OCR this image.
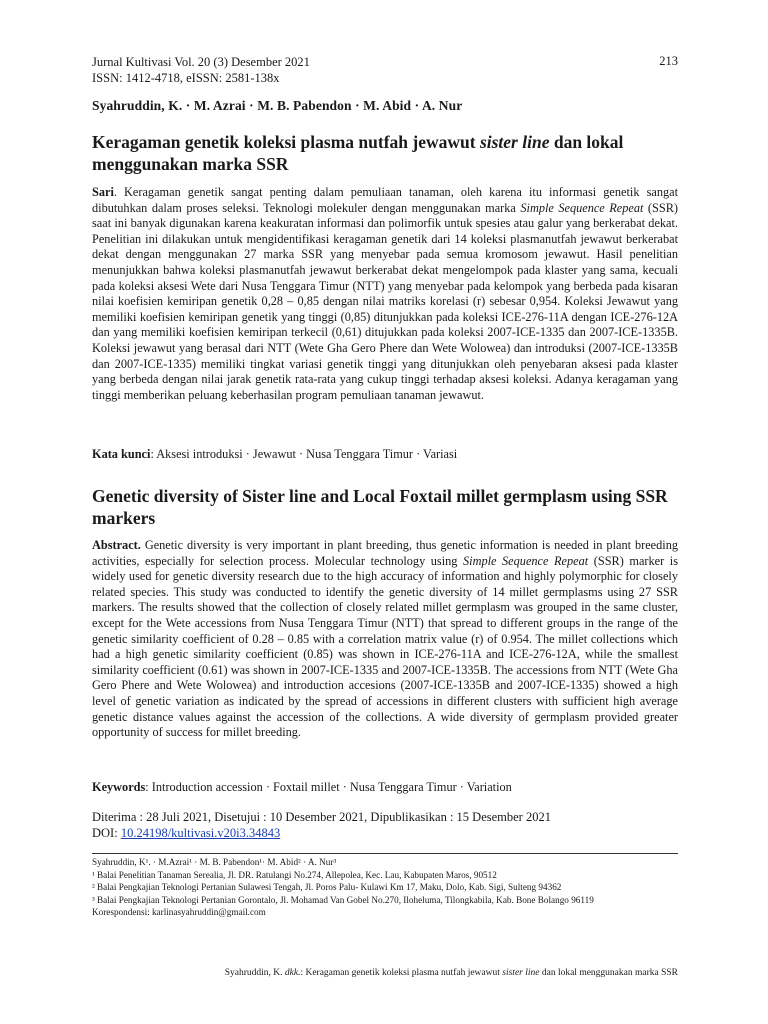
Jurnal Kultivasi Vol. 20 (3) Desember 2021
ISSN: 1412-4718, eISSN: 2581-138x
213
Syahruddin, K. · M. Azrai · M. B. Pabendon · M. Abid · A. Nur
Keragaman genetik koleksi plasma nutfah jewawut sister line dan lokal menggunakan marka SSR

Sari. Keragaman genetik sangat penting dalam pemuliaan tanaman, oleh karena itu informasi genetik sangat dibutuhkan dalam proses seleksi. Teknologi molekuler dengan menggunakan marka Simple Sequence Repeat (SSR) saat ini banyak digunakan karena keakuratan informasi dan polimorfik untuk spesies atau galur yang berkerabat dekat. Penelitian ini dilakukan untuk mengidentifikasi keragaman genetik dari 14 koleksi plasmanutfah jewawut berkerabat dekat dengan menggunakan 27 marka SSR yang menyebar pada semua kromosom jewawut. Hasil penelitian menunjukkan bahwa koleksi plasmanutfah jewawut berkerabat dekat mengelompok pada klaster yang sama, kecuali pada koleksi aksesi Wete dari Nusa Tenggara Timur (NTT) yang menyebar pada kelompok yang berbeda pada kisaran nilai koefisien kemiripan genetik 0,28 – 0,85 dengan nilai matriks korelasi (r) sebesar 0,954. Koleksi Jewawut yang memiliki koefisien kemiripan genetik yang tinggi (0,85) ditunjukkan pada koleksi ICE-276-11A dengan ICE-276-12A dan yang memiliki koefisien kemiripan terkecil (0,61) ditujukkan pada koleksi 2007-ICE-1335 dan 2007-ICE-1335B. Koleksi jewawut yang berasal dari NTT (Wete Gha Gero Phere dan Wete Wolowea) dan introduksi (2007-ICE-1335B dan 2007-ICE-1335) memiliki tingkat variasi genetik tinggi yang ditunjukkan oleh penyebaran aksesi pada klaster yang berbeda dengan nilai jarak genetik rata-rata yang cukup tinggi terhadap aksesi koleksi. Adanya keragaman yang tinggi memberikan peluang keberhasilan program pemuliaan tanaman jewawut.

Kata kunci: Aksesi introduksi · Jewawut · Nusa Tenggara Timur · Variasi
Genetic diversity of Sister line and Local Foxtail millet germplasm using SSR markers

Abstract. Genetic diversity is very important in plant breeding, thus genetic information is needed in plant breeding activities, especially for selection process. Molecular technology using Simple Sequence Repeat (SSR) marker is widely used for genetic diversity research due to the high accuracy of information and highly polymorphic for closely related species. This study was conducted to identify the genetic diversity of 14 millet germplasms using 27 SSR markers. The results showed that the collection of closely related millet germplasm was grouped in the same cluster, except for the Wete accessions from Nusa Tenggara Timur (NTT) that spread to different groups in the range of the genetic similarity coefficient of 0.28 – 0.85 with a correlation matrix value (r) of 0.954. The millet collections which had a high genetic similarity coefficient (0.85) was shown in ICE-276-11A and ICE-276-12A, while the smallest similarity coefficient (0.61) was shown in 2007-ICE-1335 and 2007-ICE-1335B. The accessions from NTT (Wete Gha Gero Phere and Wete Wolowea) and introduction accesions (2007-ICE-1335B and 2007-ICE-1335) showed a high level of genetic variation as indicated by the spread of accessions in different clusters with sufficient high average genetic distance values against the accession of the collections. A wide diversity of germplasm provided greater opportunity of success for millet breeding.

Keywords: Introduction accession · Foxtail millet · Nusa Tenggara Timur · Variation
Diterima : 28 Juli 2021, Disetujui : 10 Desember 2021, Dipublikasikan : 15 Desember 2021
DOI: 10.24198/kultivasi.v20i3.34843
Syahruddin, K¹. · M.Azrai¹ · M. B. Pabendon¹· M. Abid² · A. Nur³
¹ Balai Penelitian Tanaman Serealia, Jl. DR. Ratulangi No.274, Allepolea, Kec. Lau, Kabupaten Maros, 90512
² Balai Pengkajian Teknologi Pertanian Sulawesi Tengah, Jl. Poros Palu- Kulawi Km 17, Maku, Dolo, Kab. Sigi, Sulteng 94362
³ Balai Pengkajian Teknologi Pertanian Gorontalo, Jl. Mohamad Van Gobel No.270, Iloheluma, Tilongkabila, Kab. Bone Bolango 96119
Korespondensi: karlinasyahruddin@gmail.com
Syahruddin, K. dkk.: Keragaman genetik koleksi plasma nutfah jewawut sister line dan lokal menggunakan marka SSR
